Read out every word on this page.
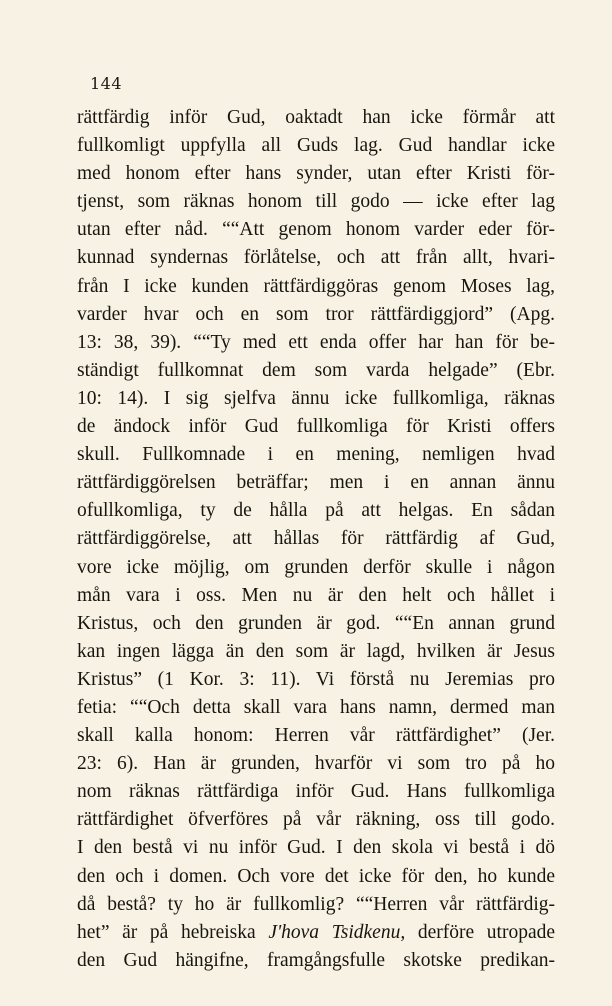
144
rättfärdig inför Gud, oaktadt han icke förmår att
fullkomligt uppfylla all Guds lag. Gud handlar icke
med honom efter hans synder, utan efter Kristi för-
tjenst, som räknas honom till godo — icke efter lag
utan efter nåd. ““Att genom honom varder eder för-
kunnad syndernas förlåtelse, och att från allt, hvari-
från I icke kunden rättfärdiggöras genom Moses lag,
varder hvar och en som tror rättfärdiggjord” (Apg.
13: 38, 39). ““Ty med ett enda offer har han för be-
ständigt fullkomnat dem som varda helgade” (Ebr.
10: 14). I sig sjelfva ännu icke fullkomliga, räknas
de ändock inför Gud fullkomliga för Kristi offers
skull. Fullkomnade i en mening, nemligen hvad
rättfärdiggörelsen beträffar; men i en annan ännu
ofullkomliga, ty de hålla på att helgas. En sådan
rättfärdiggörelse, att hållas för rättfärdig af Gud,
vore icke möjlig, om grunden derför skulle i någon
mån vara i oss. Men nu är den helt och hållet i
Kristus, och den grunden är god. ““En annan grund
kan ingen lägga än den som är lagd, hvilken är Jesus
Kristus” (1 Kor. 3: 11). Vi förstå nu Jeremias pro
fetia: ““Och detta skall vara hans namn, dermed man
skall kalla honom: Herren vår rättfärdighet” (Jer.
23: 6). Han är grunden, hvarför vi som tro på ho
nom räknas rättfärdiga inför Gud. Hans fullkomliga
rättfärdighet öfverföres på vår räkning, oss till godo.
I den bestå vi nu inför Gud. I den skola vi bestå i dö
den och i domen. Och vore det icke för den, ho kunde
då bestå? ty ho är fullkomlig? ““Herren vår rättfärdig-
het” är på hebreiska J'hova Tsidkenu, derföre utropade
den Gud hängifne, framgångsfulle skotske predikan-
